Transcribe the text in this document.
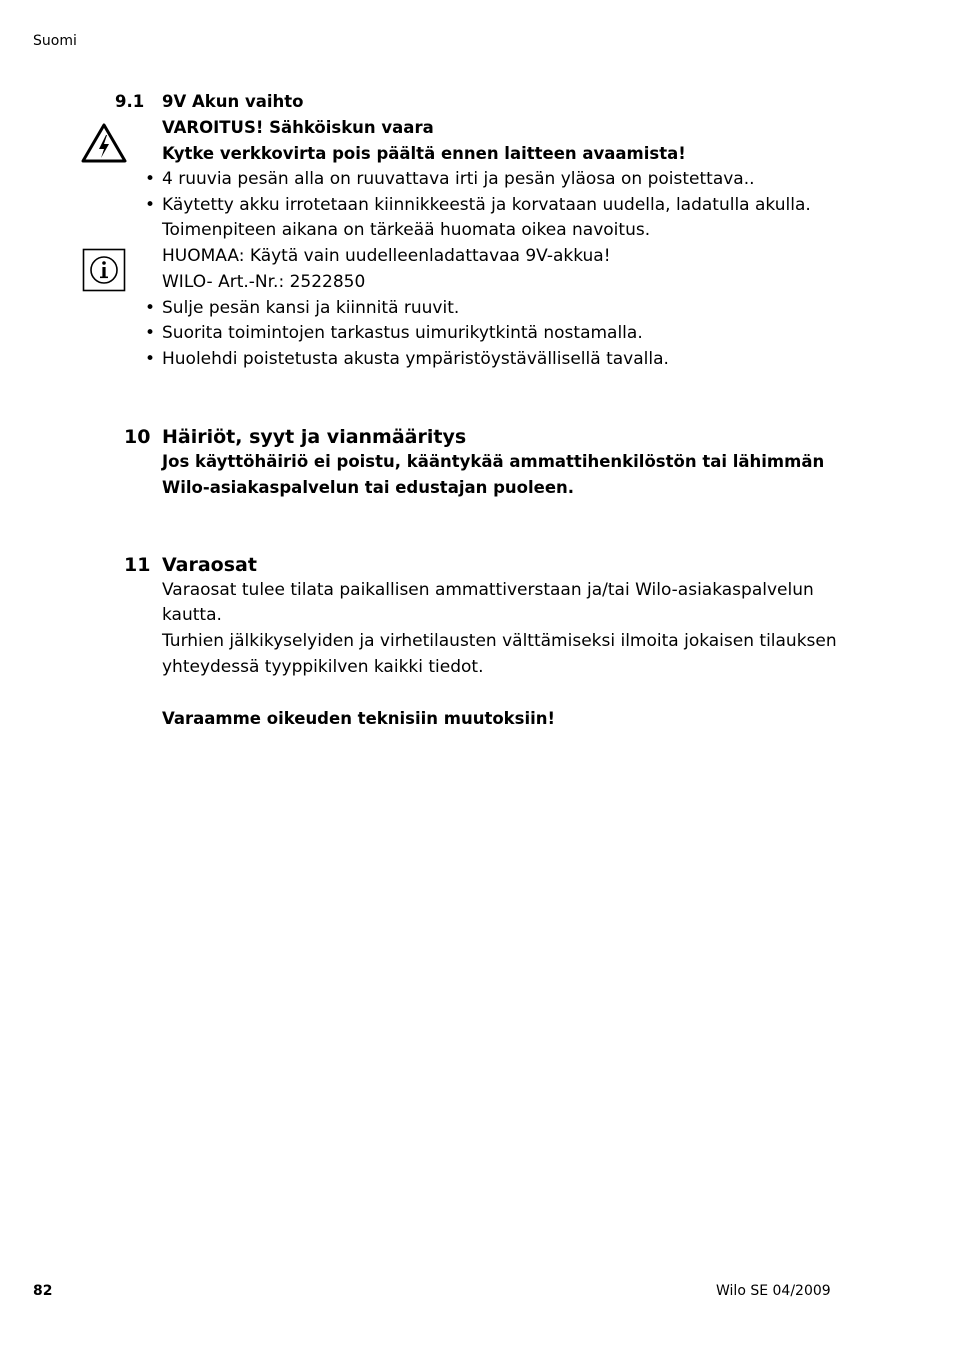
Suomi
9.1 9V Akun vaihto
VAROITUS! Sähköiskun vaara
Kytke verkkovirta pois päältä ennen laitteen avaamista!
• 4 ruuvia pesän alla on ruuvattava irti ja pesän yläosa on poistettava..
• Käytetty akku irrotetaan kiinnikkeestä ja korvataan uudella, ladatulla akulla.
Toimenpiteen aikana on tärkeää huomata oikea navoitus.
HUOMAA: Käytä vain uudelleenladattavaa 9V-akkua!
WILO- Art.-Nr.: 2522850
• Sulje pesän kansi ja kiinnitä ruuvit.
• Suorita toimintojen tarkastus uimurikytkintä nostamalla.
• Huolehdi poistetusta akusta ympäristöystävällisellä tavalla.
10 Häiriöt, syyt ja vianmääritys
Jos käyttöhäiriö ei poistu, kääntykää ammattihenkilöstön tai lähimmän
Wilo-asiakaspalvelun tai edustajan puoleen.
11 Varaosat
Varaosat tulee tilata paikallisen ammattiverstaan ja/tai Wilo-asiakaspalvelun
kautta.
Turhien jälkikyselyiden ja virhetilausten välttämiseksi ilmoita jokaisen tilauksen
yhteydessä tyyppikilven kaikki tiedot.
Varaamme oikeuden teknisiin muutoksiin!
82	Wilo SE 04/2009
